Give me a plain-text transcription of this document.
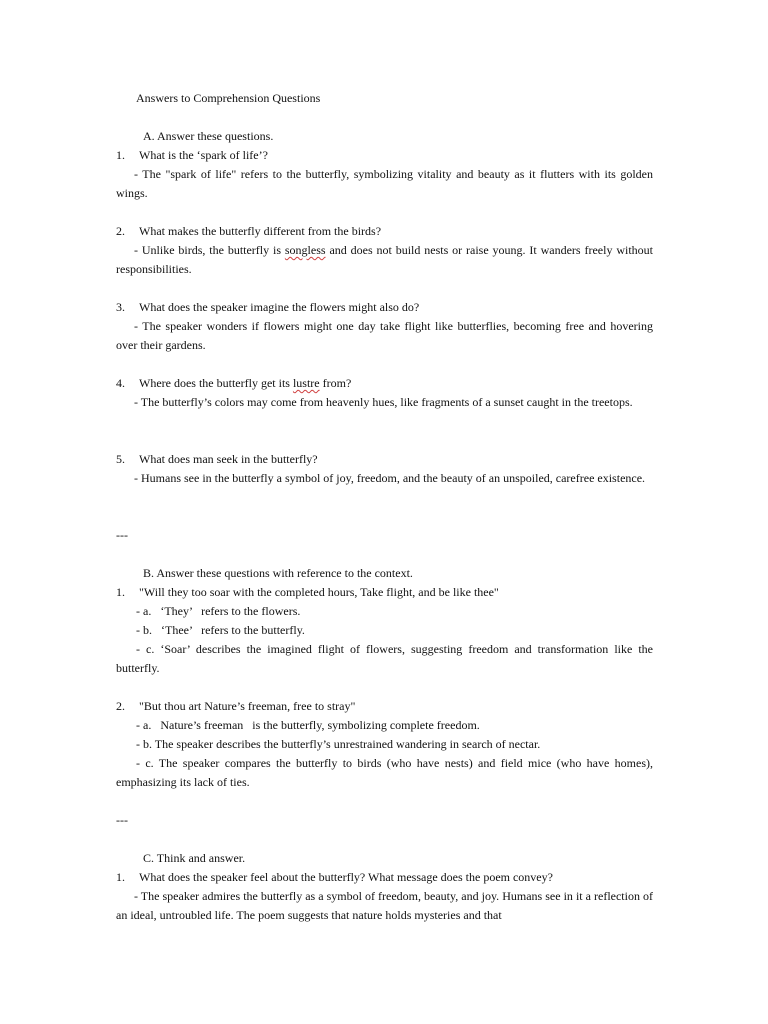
Answers to Comprehension Questions

A. Answer these questions.

1. What is the ‘spark of life’?

- The "spark of life" refers to the butterfly, symbolizing vitality and beauty as it flutters with its golden wings.

2. What makes the butterfly different from the birds?

- Unlike birds, the butterfly is songless and does not build nests or raise young. It wanders freely without responsibilities.

3. What does the speaker imagine the flowers might also do?

- The speaker wonders if flowers might one day take flight like butterflies, becoming free and hovering over their gardens.

4. Where does the butterfly get its lustre from?

- The butterfly’s colors may come from heavenly hues, like fragments of a sunset caught in the treetops.

5. What does man seek in the butterfly?

- Humans see in the butterfly a symbol of joy, freedom, and the beauty of an unspoiled, carefree existence.

---

B. Answer these questions with reference to the context.

1. "Will they too soar with the completed hours, Take flight, and be like thee"

- a.   ‘They’   refers to the flowers.

- b.   ‘Thee’   refers to the butterfly.

- c. ‘Soar’ describes the imagined flight of flowers, suggesting freedom and transformation like the butterfly.

2. "But thou art Nature’s freeman, free to stray"

- a.   Nature’s freeman   is the butterfly, symbolizing complete freedom.

- b. The speaker describes the butterfly’s unrestrained wandering in search of nectar.

- c. The speaker compares the butterfly to birds (who have nests) and field mice (who have homes), emphasizing its lack of ties.

---

C. Think and answer.

1. What does the speaker feel about the butterfly? What message does the poem convey?

- The speaker admires the butterfly as a symbol of freedom, beauty, and joy. Humans see in it a reflection of an ideal, untroubled life. The poem suggests that nature holds mysteries and that
